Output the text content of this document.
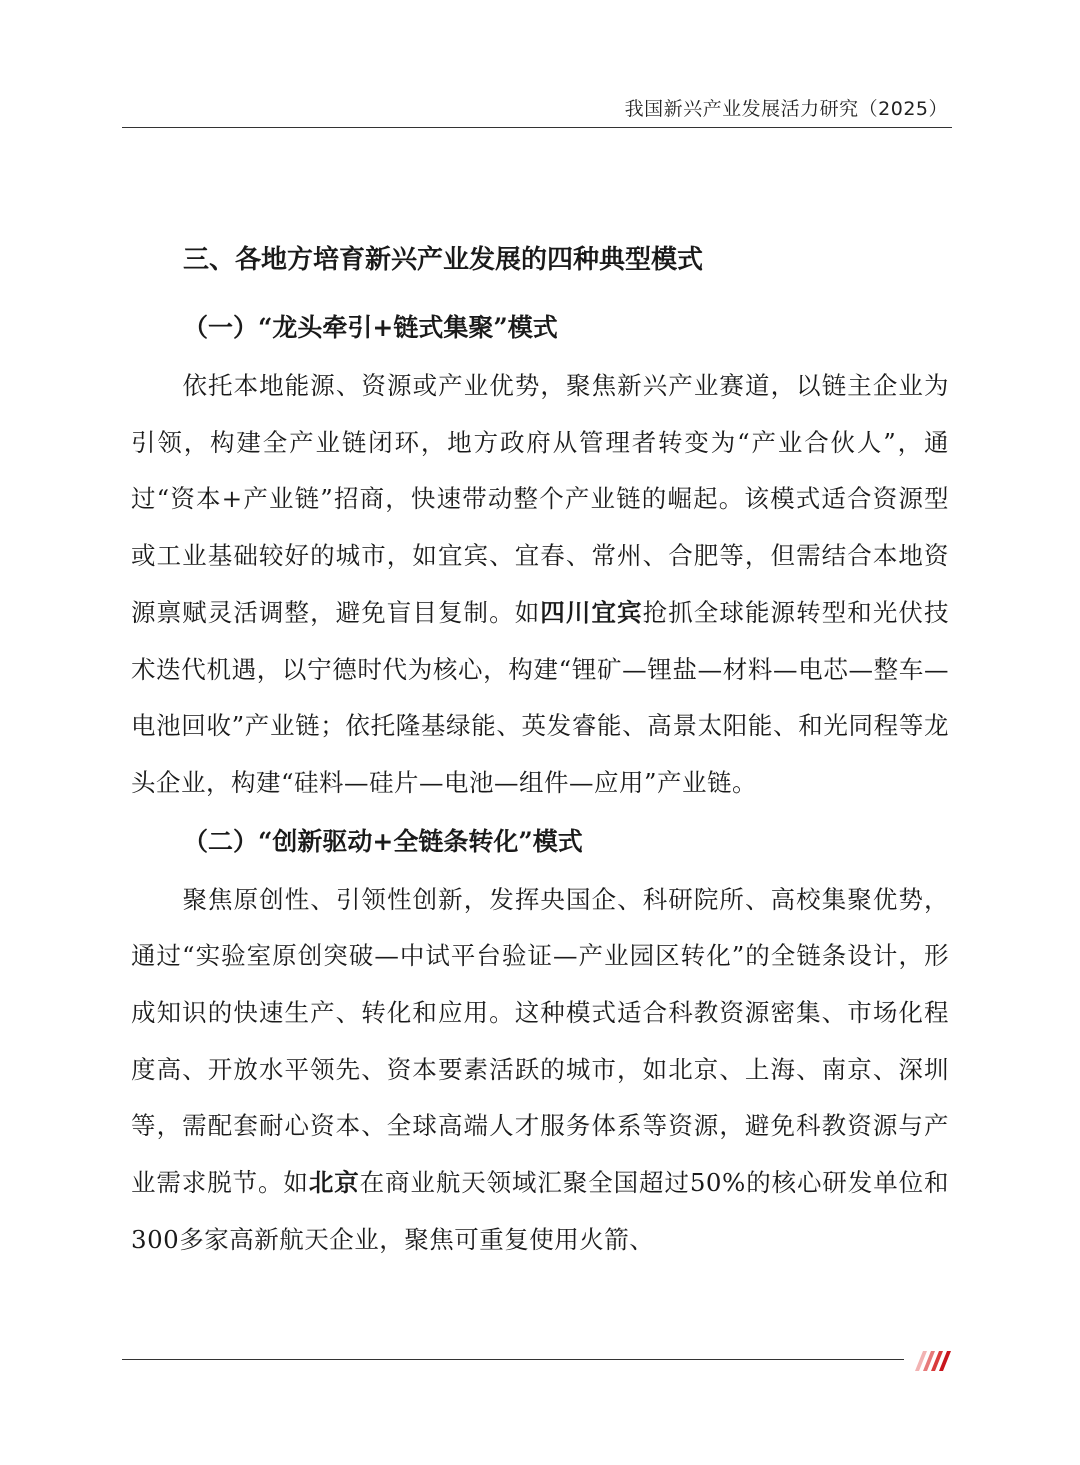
我国新兴产业发展活力研究（2025）
三、各地方培育新兴产业发展的四种典型模式
（一）“龙头牵引+链式集聚”模式

依托本地能源、资源或产业优势，聚焦新兴产业赛道，以链主企业为引领，构建全产业链闭环，地方政府从管理者转变为“产业合伙人”，通过“资本+产业链”招商，快速带动整个产业链的崛起。该模式适合资源型或工业基础较好的城市，如宜宾、宜春、常州、合肥等，但需结合本地资源禀赋灵活调整，避免盲目复制。如四川宜宾抢抓全球能源转型和光伏技术迭代机遇，以宁德时代为核心，构建“锂矿—锂盐—材料—电芯—整车—电池回收”产业链；依托隆基绿能、英发睿能、高景太阳能、和光同程等龙头企业，构建“硅料—硅片—电池—组件—应用”产业链。

（二）“创新驱动+全链条转化”模式

聚焦原创性、引领性创新，发挥央国企、科研院所、高校集聚优势，通过“实验室原创突破—中试平台验证—产业园区转化”的全链条设计，形成知识的快速生产、转化和应用。这种模式适合科教资源密集、市场化程度高、开放水平领先、资本要素活跃的城市，如北京、上海、南京、深圳等，需配套耐心资本、全球高端人才服务体系等资源，避免科教资源与产业需求脱节。如北京在商业航天领域汇聚全国超过50%的核心研发单位和300多家高新航天企业，聚焦可重复使用火箭、
